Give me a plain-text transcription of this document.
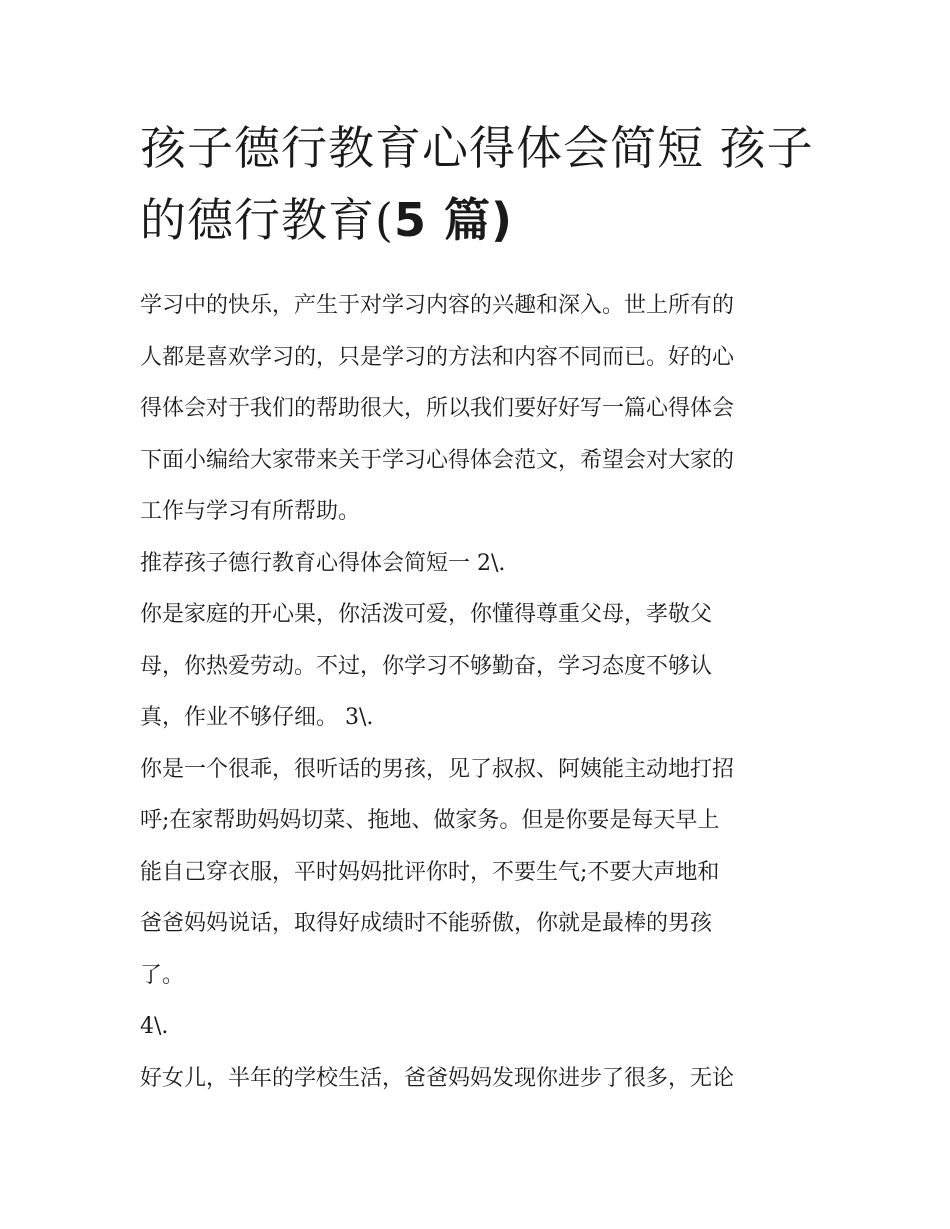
孩子德行教育心得体会简短 孩子的德行教育(5 篇)

学习中的快乐，产生于对学习内容的兴趣和深入。世上所有的

人都是喜欢学习的，只是学习的方法和内容不同而已。好的心

得体会对于我们的帮助很大，所以我们要好好写一篇心得体会

下面小编给大家带来关于学习心得体会范文，希望会对大家的

工作与学习有所帮助。

推荐孩子德行教育心得体会简短一 2\.

你是家庭的开心果，你活泼可爱，你懂得尊重父母，孝敬父

母，你热爱劳动。不过，你学习不够勤奋，学习态度不够认

真，作业不够仔细。 3\.

你是一个很乖，很听话的男孩，见了叔叔、阿姨能主动地打招

呼;在家帮助妈妈切菜、拖地、做家务。但是你要是每天早上

能自己穿衣服，平时妈妈批评你时，不要生气;不要大声地和

爸爸妈妈说话，取得好成绩时不能骄傲，你就是最棒的男孩

了。

4\.

好女儿，半年的学校生活，爸爸妈妈发现你进步了很多，无论
